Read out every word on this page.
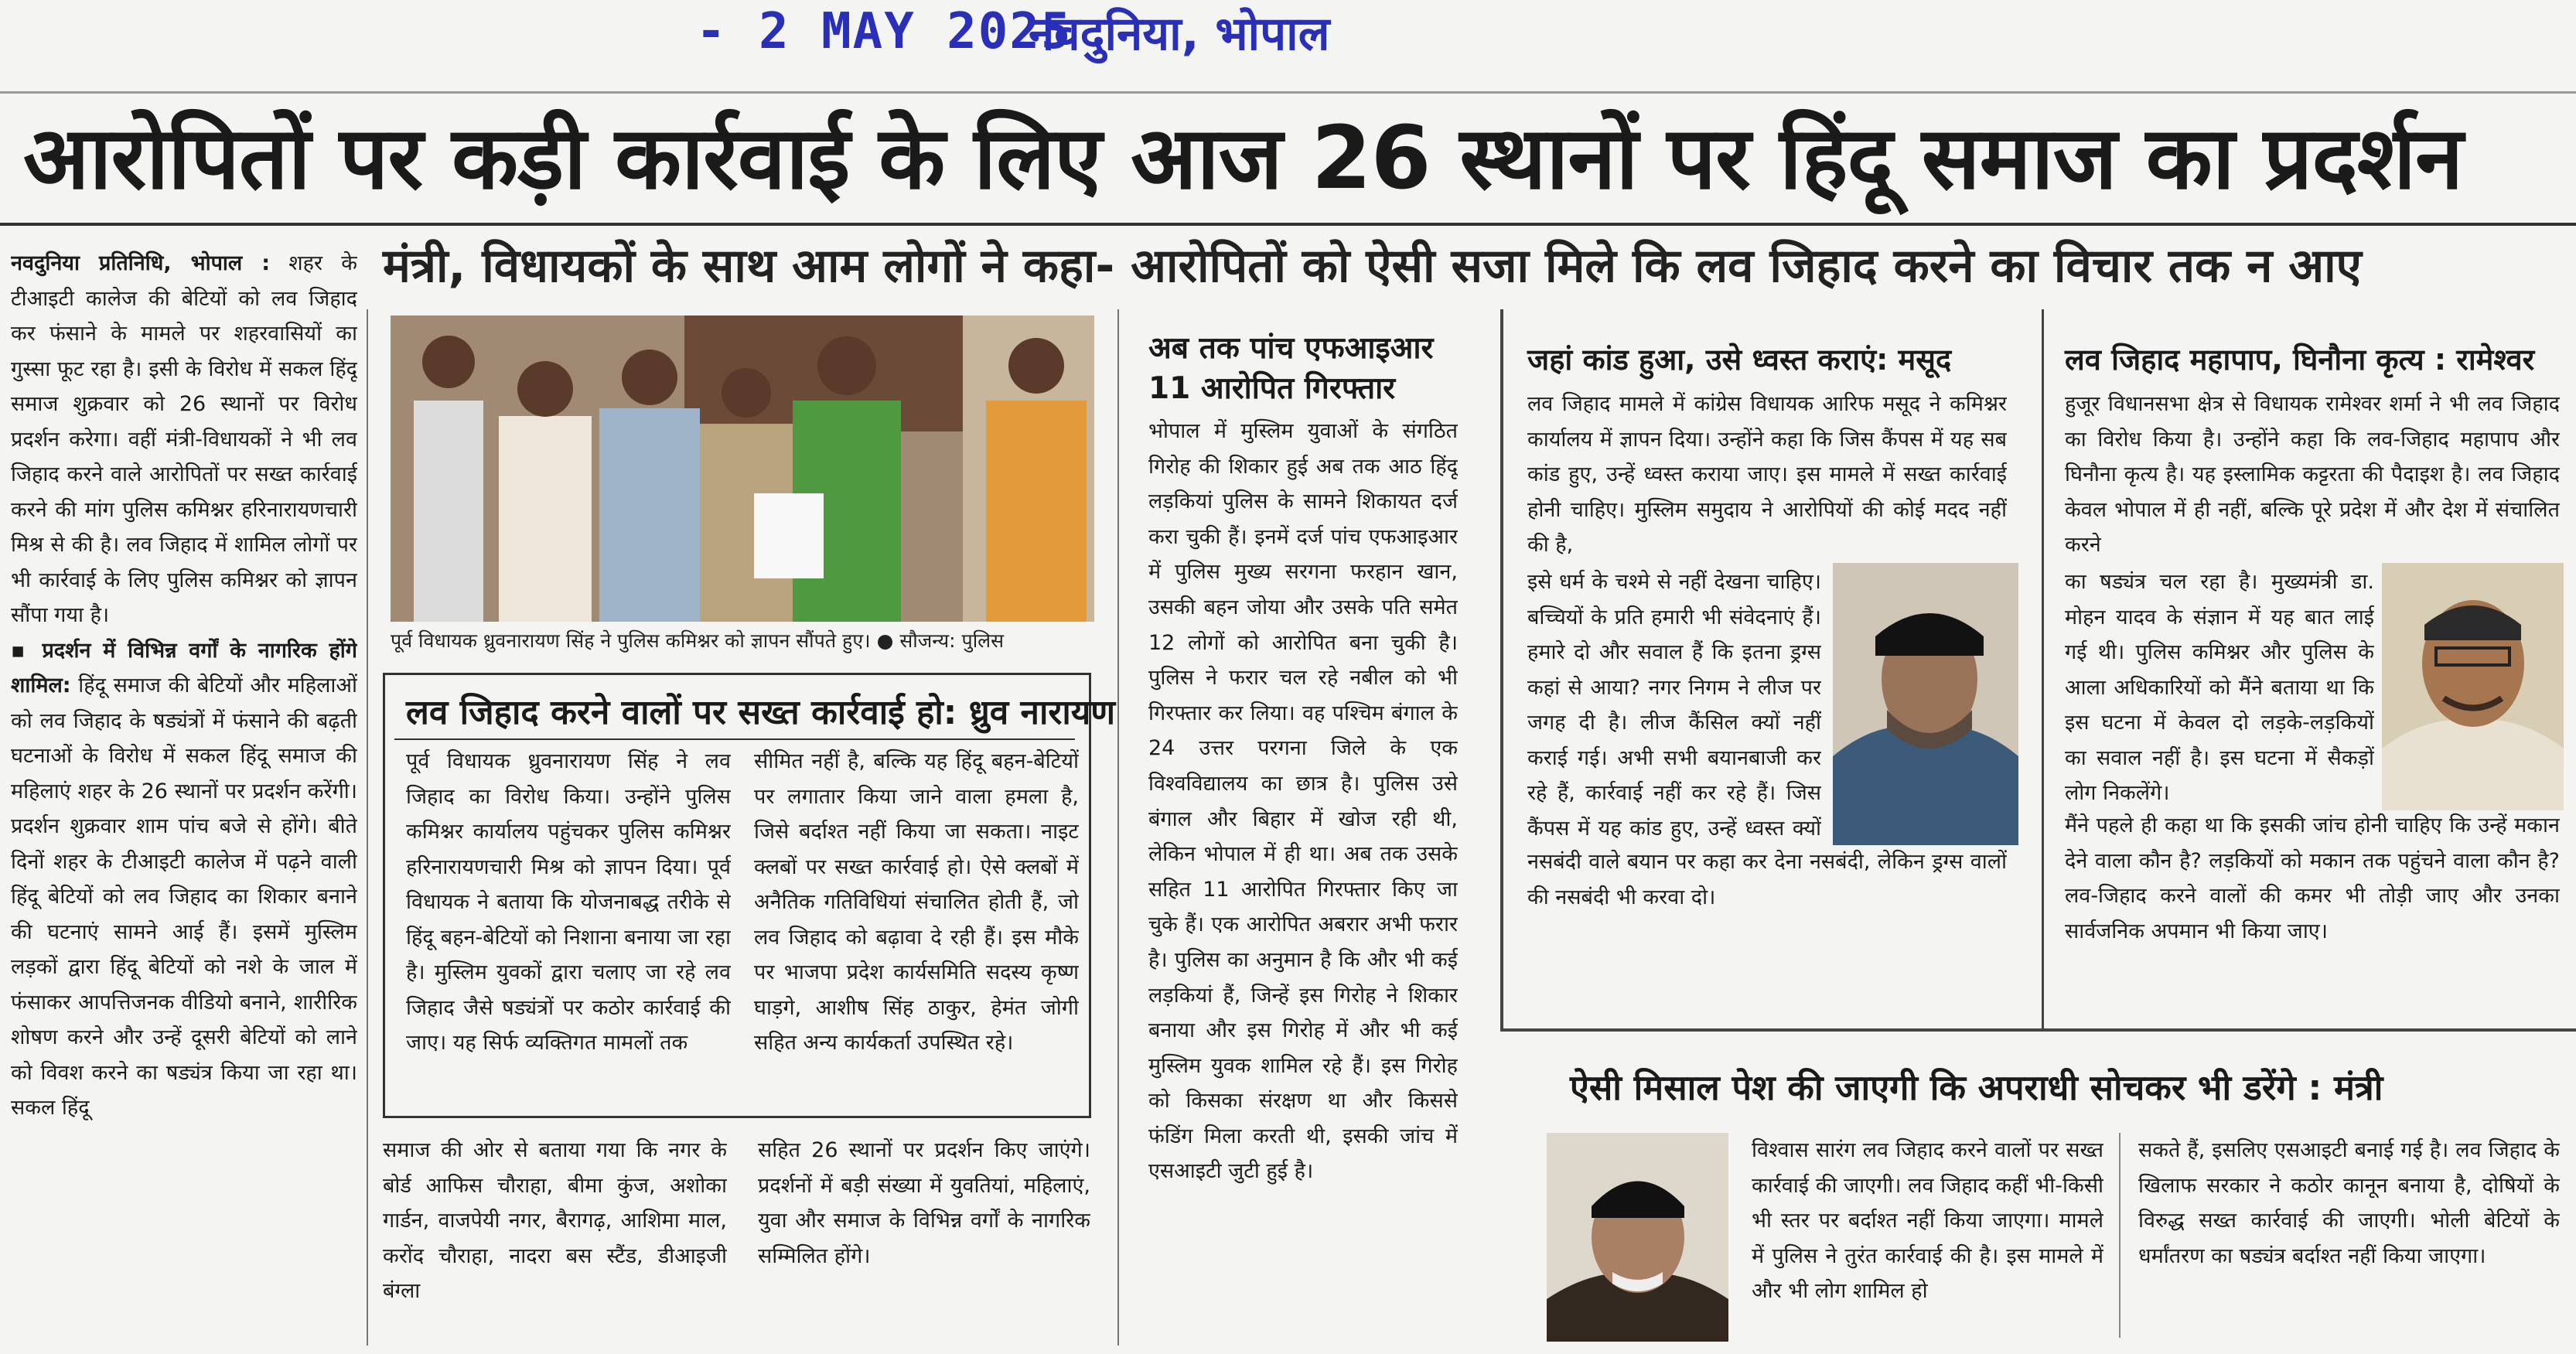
- 2 MAY 2025
नवदुनिया, भोपाल
आरोपितों पर कड़ी कार्रवाई के लिए आज 26 स्थानों पर हिंदू समाज का प्रदर्शन
मंत्री, विधायकों के साथ आम लोगों ने कहा- आरोपितों को ऐसी सजा मिले कि लव जिहाद करने का विचार तक न आए
नवदुनिया प्रतिनिधि, भोपाल : शहर के टीआइटी कालेज की बेटियों को लव जिहाद कर फंसाने के मामले पर शहरवासियों का गुस्सा फूट रहा है। इसी के विरोध में सकल हिंदू समाज शुक्रवार को 26 स्थानों पर विरोध प्रदर्शन करेगा। वहीं मंत्री-विधायकों ने भी लव जिहाद करने वाले आरोपितों पर सख्त कार्रवाई करने की मांग पुलिस कमिश्नर हरिनारायणचारी मिश्र से की है। लव जिहाद में शामिल लोगों पर भी कार्रवाई के लिए पुलिस कमिश्नर को ज्ञापन सौंपा गया है।
▪ प्रदर्शन में विभिन्न वर्गों के नागरिक होंगे शामिल: हिंदू समाज की बेटियों और महिलाओं को लव जिहाद के षड्यंत्रों में फंसाने की बढ़ती घटनाओं के विरोध में सकल हिंदू समाज की महिलाएं शहर के 26 स्थानों पर प्रदर्शन करेंगी। प्रदर्शन शुक्रवार शाम पांच बजे से होंगे। बीते दिनों शहर के टीआइटी कालेज में पढ़ने वाली हिंदू बेटियों को लव जिहाद का शिकार बनाने की घटनाएं सामने आई हैं। इसमें मुस्लिम लड़कों द्वारा हिंदू बेटियों को नशे के जाल में फंसाकर आपत्तिजनक वीडियो बनाने, शारीरिक शोषण करने और उन्हें दूसरी बेटियों को लाने को विवश करने का षड्यंत्र किया जा रहा था। सकल हिंदू
पूर्व विधायक ध्रुवनारायण सिंह ने पुलिस कमिश्नर को ज्ञापन सौंपते हुए। ● सौजन्य: पुलिस
लव जिहाद करने वालों पर सख्त कार्रवाई हो: ध्रुव नारायण
पूर्व विधायक ध्रुवनारायण सिंह ने लव जिहाद का विरोध किया। उन्होंने पुलिस कमिश्नर कार्यालय पहुंचकर पुलिस कमिश्नर हरिनारायणचारी मिश्र को ज्ञापन दिया। पूर्व विधायक ने बताया कि योजनाबद्ध तरीके से हिंदू बहन-बेटियों को निशाना बनाया जा रहा है। मुस्लिम युवकों द्वारा चलाए जा रहे लव जिहाद जैसे षड्यंत्रों पर कठोर कार्रवाई की जाए। यह सिर्फ व्यक्तिगत मामलों तक
सीमित नहीं है, बल्कि यह हिंदू बहन-बेटियों पर लगातार किया जाने वाला हमला है, जिसे बर्दाश्त नहीं किया जा सकता। नाइट क्लबों पर सख्त कार्रवाई हो। ऐसे क्लबों में अनैतिक गतिविधियां संचालित होती हैं, जो लव जिहाद को बढ़ावा दे रही हैं। इस मौके पर भाजपा प्रदेश कार्यसमिति सदस्य कृष्ण घाड़गे, आशीष सिंह ठाकुर, हेमंत जोगी सहित अन्य कार्यकर्ता उपस्थित रहे।
समाज की ओर से बताया गया कि नगर के बोर्ड आफिस चौराहा, बीमा कुंज, अशोका गार्डन, वाजपेयी नगर, बैरागढ़, आशिमा माल, करोंद चौराहा, नादरा बस स्टैंड, डीआइजी बंग्ला
सहित 26 स्थानों पर प्रदर्शन किए जाएंगे। प्रदर्शनों में बड़ी संख्या में युवतियां, महिलाएं, युवा और समाज के विभिन्न वर्गों के नागरिक सम्मिलित होंगे।
अब तक पांच एफआइआर 11 आरोपित गिरफ्तार
भोपाल में मुस्लिम युवाओं के संगठित गिरोह की शिकार हुई अब तक आठ हिंदू लड़कियां पुलिस के सामने शिकायत दर्ज करा चुकी हैं। इनमें दर्ज पांच एफआइआर में पुलिस मुख्य सरगना फरहान खान, उसकी बहन जोया और उसके पति समेत 12 लोगों को आरोपित बना चुकी है। पुलिस ने फरार चल रहे नबील को भी गिरफ्तार कर लिया। वह पश्चिम बंगाल के 24 उत्तर परगना जिले के एक विश्वविद्यालय का छात्र है। पुलिस उसे बंगाल और बिहार में खोज रही थी, लेकिन भोपाल में ही था। अब तक उसके सहित 11 आरोपित गिरफ्तार किए जा चुके हैं। एक आरोपित अबरार अभी फरार है। पुलिस का अनुमान है कि और भी कई लड़कियां हैं, जिन्हें इस गिरोह ने शिकार बनाया और इस गिरोह में और भी कई मुस्लिम युवक शामिल रहे हैं। इस गिरोह को किसका संरक्षण था और किससे फंडिंग मिला करती थी, इसकी जांच में एसआइटी जुटी हुई है।
जहां कांड हुआ, उसे ध्वस्त कराएं: मसूद
लव जिहाद मामले में कांग्रेस विधायक आरिफ मसूद ने कमिश्नर कार्यालय में ज्ञापन दिया। उन्होंने कहा कि जिस कैंपस में यह सब कांड हुए, उन्हें ध्वस्त कराया जाए। इस मामले में सख्त कार्रवाई होनी चाहिए। मुस्लिम समुदाय ने आरोपियों की कोई मदद नहीं की है,
इसे धर्म के चश्मे से नहीं देखना चाहिए। बच्चियों के प्रति हमारी भी संवेदनाएं हैं। हमारे दो और सवाल हैं कि इतना ड्रग्स कहां से आया? नगर निगम ने लीज पर जगह दी है। लीज कैंसिल क्यों नहीं कराई गई। अभी सभी बयानबाजी कर रहे हैं, कार्रवाई नहीं कर रहे हैं। जिस कैंपस में यह कांड हुए, उन्हें ध्वस्त क्यों
नसबंदी वाले बयान पर कहा कर देना नसबंदी, लेकिन ड्रग्स वालों की नसबंदी भी करवा दो।
लव जिहाद महापाप, घिनौना कृत्य : रामेश्वर
हुजूर विधानसभा क्षेत्र से विधायक रामेश्वर शर्मा ने भी लव जिहाद का विरोध किया है। उन्होंने कहा कि लव-जिहाद महापाप और घिनौना कृत्य है। यह इस्लामिक कट्टरता की पैदाइश है। लव जिहाद केवल भोपाल में ही नहीं, बल्कि पूरे प्रदेश में और देश में संचालित करने
का षड्यंत्र चल रहा है। मुख्यमंत्री डा. मोहन यादव के संज्ञान में यह बात लाई गई थी। पुलिस कमिश्नर और पुलिस के आला अधिकारियों को मैंने बताया था कि इस घटना में केवल दो लड़के-लड़कियों का सवाल नहीं है। इस घटना में सैकड़ों लोग निकलेंगे।
मैंने पहले ही कहा था कि इसकी जांच होनी चाहिए कि उन्हें मकान देने वाला कौन है? लड़कियों को मकान तक पहुंचने वाला कौन है? लव-जिहाद करने वालों की कमर भी तोड़ी जाए और उनका सार्वजनिक अपमान भी किया जाए।
ऐसी मिसाल पेश की जाएगी कि अपराधी सोचकर भी डरेंगे : मंत्री
विश्वास सारंग लव जिहाद करने वालों पर सख्त कार्रवाई की जाएगी। लव जिहाद कहीं भी-किसी भी स्तर पर बर्दाश्त नहीं किया जाएगा। मामले में पुलिस ने तुरंत कार्रवाई की है। इस मामले में और भी लोग शामिल हो
सकते हैं, इसलिए एसआइटी बनाई गई है। लव जिहाद के खिलाफ सरकार ने कठोर कानून बनाया है, दोषियों के विरुद्ध सख्त कार्रवाई की जाएगी। भोली बेटियों के धर्मांतरण का षड्यंत्र बर्दाश्त नहीं किया जाएगा।
